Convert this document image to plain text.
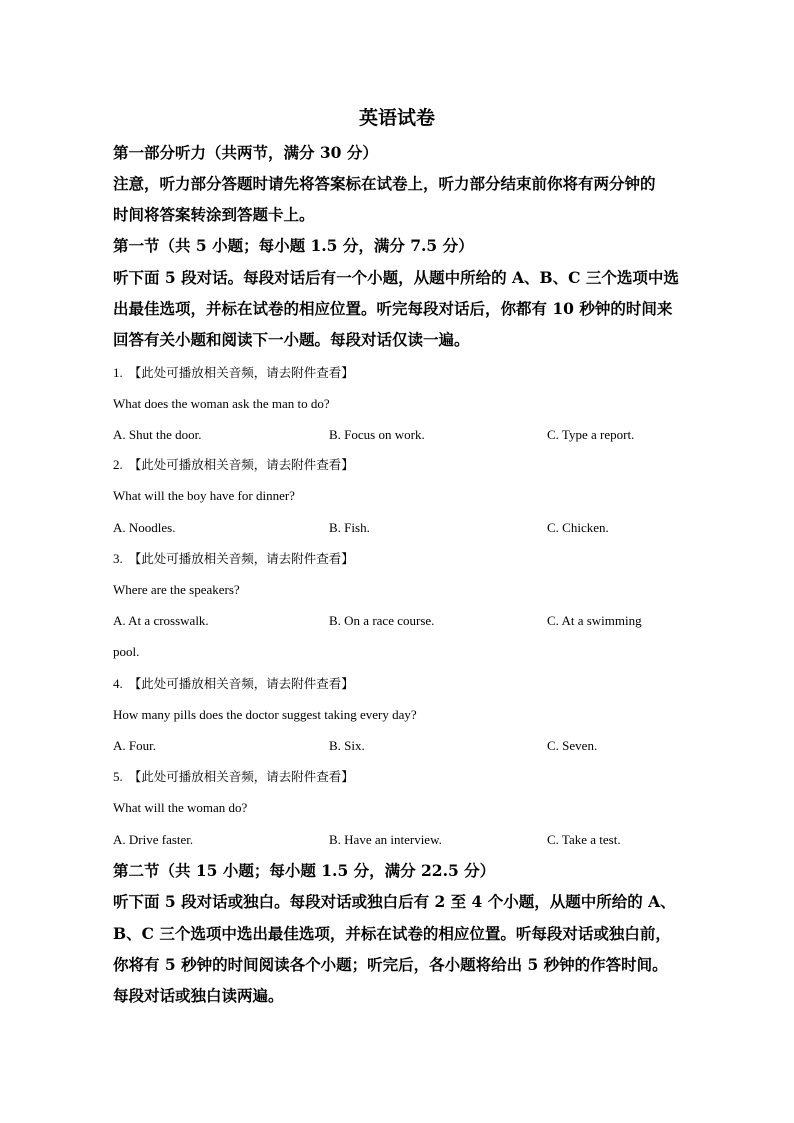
英语试卷
第一部分听力（共两节，满分 30 分）
注意，听力部分答题时请先将答案标在试卷上，听力部分结束前你将有两分钟的
时间将答案转涂到答题卡上。
第一节（共 5 小题；每小题 1.5 分，满分 7.5 分）
听下面 5 段对话。每段对话后有一个小题，从题中所给的 A、B、C 三个选项中选
出最佳选项，并标在试卷的相应位置。听完每段对话后，你都有 10 秒钟的时间来
回答有关小题和阅读下一小题。每段对话仅读一遍。
1. 【此处可播放相关音频，请去附件查看】
What does the woman ask the man to do?
A. Shut the door.	B. Focus on work.	C. Type a report.
2. 【此处可播放相关音频，请去附件查看】
What will the boy have for dinner?
A. Noodles.	B. Fish.	C. Chicken.
3. 【此处可播放相关音频，请去附件查看】
Where are the speakers?
A. At a crosswalk.	B. On a race course.	C. At a swimming
pool.
4. 【此处可播放相关音频，请去附件查看】
How many pills does the doctor suggest taking every day?
A. Four.	B. Six.	C. Seven.
5. 【此处可播放相关音频，请去附件查看】
What will the woman do?
A. Drive faster.	B. Have an interview.	C. Take a test.
第二节（共 15 小题；每小题 1.5 分，满分 22.5 分）
听下面 5 段对话或独白。每段对话或独白后有 2 至 4 个小题，从题中所给的 A、
B、C 三个选项中选出最佳选项，并标在试卷的相应位置。听每段对话或独白前，
你将有 5 秒钟的时间阅读各个小题；听完后，各小题将给出 5 秒钟的作答时间。
每段对话或独白读两遍。
